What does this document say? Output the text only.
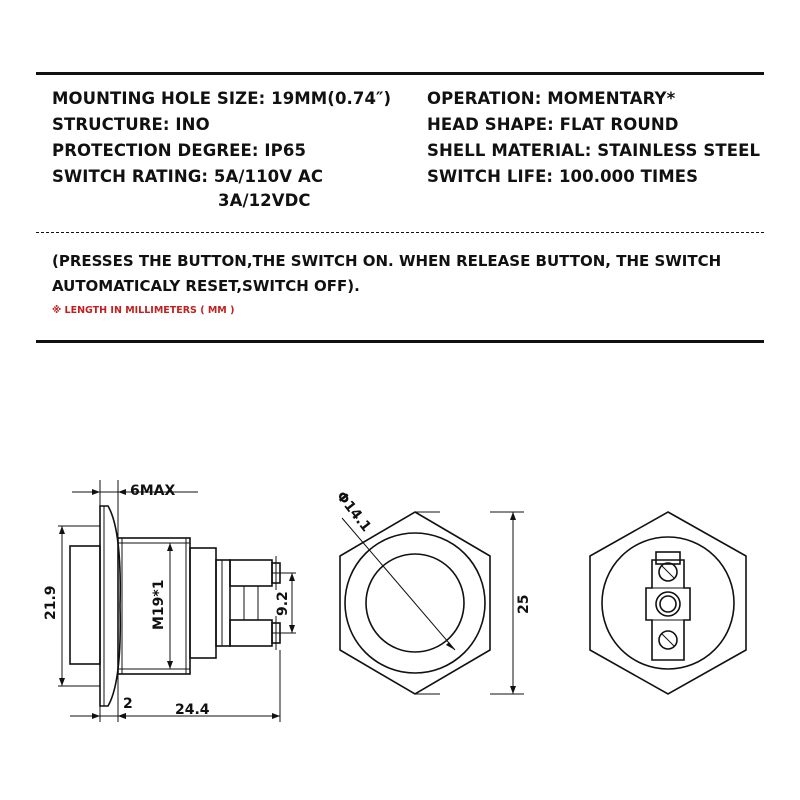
MOUNTING HOLE SIZE: 19MM(0.74″)
STRUCTURE: INO
PROTECTION DEGREE: IP65
SWITCH RATING: 5A/110V AC
3A/12VDC
OPERATION: MOMENTARY*
HEAD SHAPE: FLAT ROUND
SHELL MATERIAL: STAINLESS STEEL
SWITCH LIFE: 100.000 TIMES
(PRESSES THE BUTTON,THE SWITCH ON. WHEN RELEASE BUTTON, THE SWITCH
AUTOMATICALY RESET,SWITCH OFF).
※ LENGTH IN MILLIMETERS ( MM )
6MAX
21.9	M19*1	9.2
2	24.4
Φ14.1
25
